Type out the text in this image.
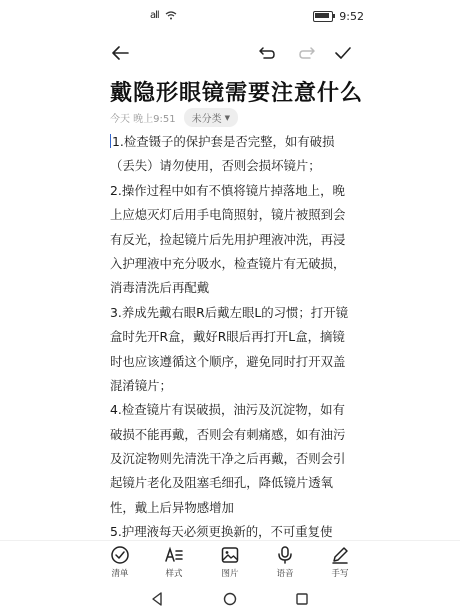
all	9:52
戴隐形眼镜需要注意什么
今天 晚上9:51 未分类 ▼
1.检查镊子的保护套是否完整，如有破损
（丢失）请勿使用，否则会损坏镜片；
2.操作过程中如有不慎将镜片掉落地上，晚
上应熄灭灯后用手电筒照射，镜片被照到会
有反光，捡起镜片后先用护理液冲洗，再浸
入护理液中充分吸水，检查镜片有无破损，
消毒清洗后再配戴
3.养成先戴右眼R后戴左眼L的习惯；打开镜
盒时先开R盒，戴好R眼后再打开L盒，摘镜
时也应该遵循这个顺序，避免同时打开双盖
混淆镜片；
4.检查镜片有误破损，油污及沉淀物，如有
破损不能再戴，否则会有刺痛感，如有油污
及沉淀物则先清洗干净之后再戴，否则会引
起镜片老化及阻塞毛细孔，降低镜片透氧
性，戴上后异物感增加
5.护理液每天必须更换新的，不可重复使
清单	样式	图片	语音	手写
